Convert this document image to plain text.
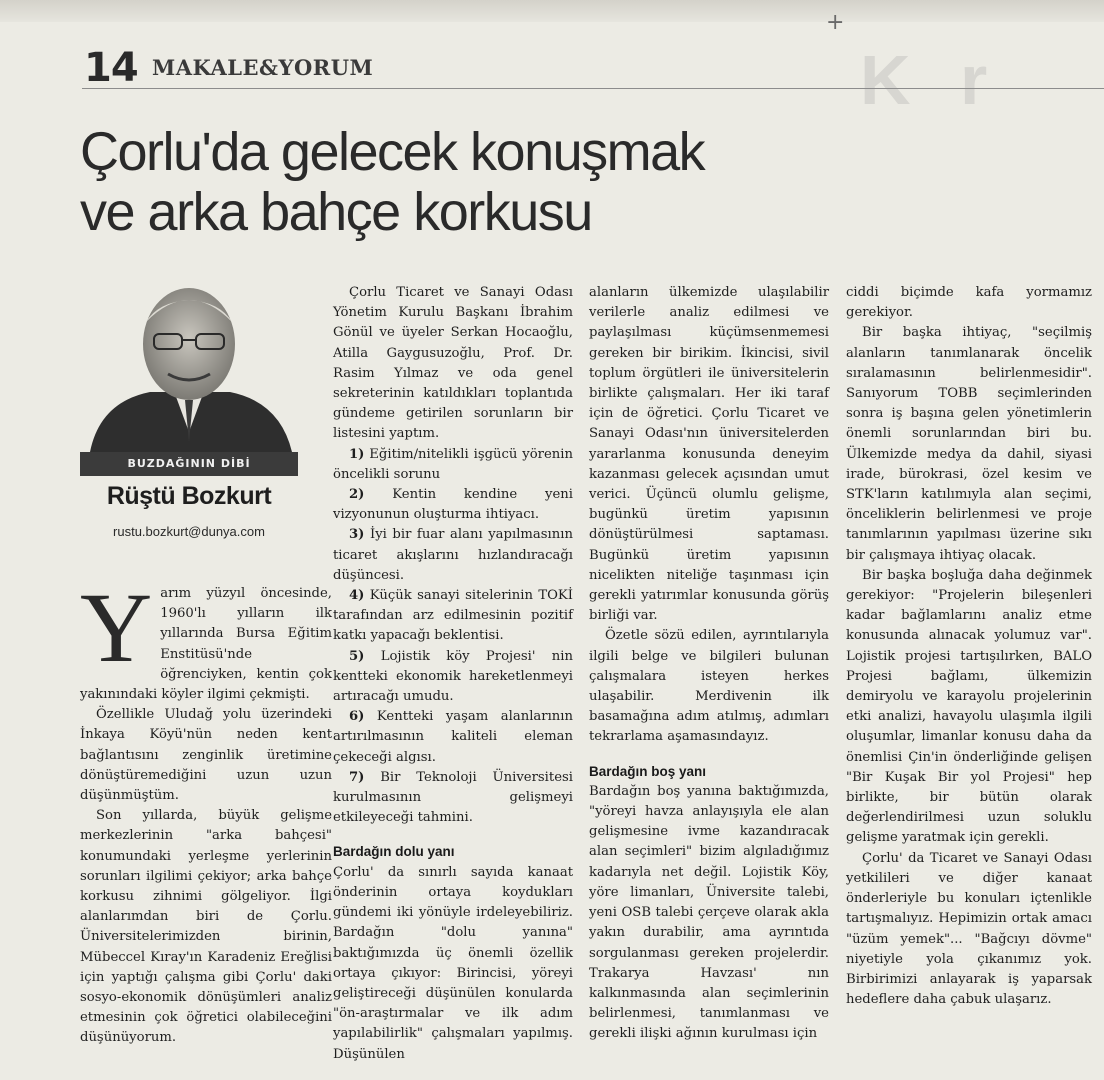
+
K r
14 MAKALE&YORUM
Çorlu'da gelecek konuşmak
ve arka bahçe korkusu
BUZDAĞININ DİBİ
Rüştü Bozkurt
rustu.bozkurt@dunya.com

Yarım yüzyıl öncesinde, 1960'lı yılların ilk yıllarında Bursa Eğitim Enstitüsü'nde öğrenciyken, kentin çok yakınındaki köyler ilgimi çekmişti.

Özellikle Uludağ yolu üzerindeki İnkaya Köyü'nün neden kent bağlantısını zenginlik üretimine dönüştüremediğini uzun uzun düşünmüştüm.

Son yıllarda, büyük gelişme merkezlerinin "arka bahçesi" konumundaki yerleşme yerlerinin sorunları ilgilimi çekiyor; arka bahçe korkusu zihnimi gölgeliyor. İlgi alanlarımdan biri de Çorlu. Üniversitelerimizden birinin, Mübeccel Kıray'ın Karadeniz Ereğlisi için yaptığı çalışma gibi Çorlu' daki sosyo-ekonomik dönüşümleri analiz etmesinin çok öğretici olabileceğini düşünüyorum.

Çorlu Ticaret ve Sanayi Odası Yönetim Kurulu Başkanı İbrahim Gönül ve üyeler Serkan Hocaoğlu, Atilla Gaygusuzoğlu, Prof. Dr. Rasim Yılmaz ve oda genel sekreterinin katıldıkları toplantıda gündeme getirilen sorunların bir listesini yaptım.

1) Eğitim/nitelikli işgücü yörenin öncelikli sorunu

2) Kentin kendine yeni vizyonunun oluşturma ihtiyacı.

3) İyi bir fuar alanı yapılmasının ticaret akışlarını hızlandıracağı düşüncesi.

4) Küçük sanayi sitelerinin TOKİ tarafından arz edilmesinin pozitif katkı yapacağı beklentisi.

5) Lojistik köy Projesi' nin kentteki ekonomik hareketlenmeyi artıracağı umudu.

6) Kentteki yaşam alanlarının artırılmasının kaliteli eleman çekeceği algısı.

7) Bir Teknoloji Üniversitesi kurulmasının gelişmeyi etkileyeceği tahmini.

Bardağın dolu yanı

Çorlu' da sınırlı sayıda kanaat önderinin ortaya koydukları gündemi iki yönüyle irdeleyebiliriz. Bardağın "dolu yanına" baktığımızda üç önemli özellik ortaya çıkıyor: Birincisi, yöreyi geliştireceği düşünülen konularda "ön-araştırmalar ve ilk adım yapılabilirlik" çalışmaları yapılmış. Düşünülen

alanların ülkemizde ulaşılabilir verilerle analiz edilmesi ve paylaşılması küçümsenmemesi gereken bir birikim. İkincisi, sivil toplum örgütleri ile üniversitelerin birlikte çalışmaları. Her iki taraf için de öğretici. Çorlu Ticaret ve Sanayi Odası'nın üniversitelerden yararlanma konusunda deneyim kazanması gelecek açısından umut verici. Üçüncü olumlu gelişme, bugünkü üretim yapısının dönüştürülmesi saptaması. Bugünkü üretim yapısının nicelikten niteliğe taşınması için gerekli yatırımlar konusunda görüş birliği var.

Özetle sözü edilen, ayrıntılarıyla ilgili belge ve bilgileri bulunan çalışmalara isteyen herkes ulaşabilir. Merdivenin ilk basamağına adım atılmış, adımları tekrarlama aşamasındayız.

Bardağın boş yanı

Bardağın boş yanına baktığımızda, "yöreyi havza anlayışıyla ele alan gelişmesine ivme kazandıracak alan seçimleri" bizim algıladığımız kadarıyla net değil. Lojistik Köy, yöre limanları, Üniversite talebi, yeni OSB talebi çerçeve olarak akla yakın durabilir, ama ayrıntıda sorgulanması gereken projelerdir. Trakarya Havzası' nın kalkınmasında alan seçimlerinin belirlenmesi, tanımlanması ve gerekli ilişki ağının kurulması için

ciddi biçimde kafa yormamız gerekiyor.

Bir başka ihtiyaç, "seçilmiş alanların tanımlanarak öncelik sıralamasının belirlenmesidir". Sanıyorum TOBB seçimlerinden sonra iş başına gelen yönetimlerin önemli sorunlarından biri bu. Ülkemizde medya da dahil, siyasi irade, bürokrasi, özel kesim ve STK'ların katılımıyla alan seçimi, önceliklerin belirlenmesi ve proje tanımlarının yapılması üzerine sıkı bir çalışmaya ihtiyaç olacak.

Bir başka boşluğa daha değinmek gerekiyor: "Projelerin bileşenleri kadar bağlamlarını analiz etme konusunda alınacak yolumuz var". Lojistik projesi tartışılırken, BALO Projesi bağlamı, ülkemizin demiryolu ve karayolu projelerinin etki analizi, havayolu ulaşımla ilgili oluşumlar, limanlar konusu daha da önemlisi Çin'in önderliğinde gelişen "Bir Kuşak Bir yol Projesi" hep birlikte, bir bütün olarak değerlendirilmesi uzun soluklu gelişme yaratmak için gerekli.

Çorlu' da Ticaret ve Sanayi Odası yetkilileri ve diğer kanaat önderleriyle bu konuları içtenlikle tartışmalıyız. Hepimizin ortak amacı "üzüm yemek"... "Bağcıyı dövme" niyetiyle yola çıkanımız yok. Birbirimizi anlayarak iş yaparsak hedeflere daha çabuk ulaşarız.
